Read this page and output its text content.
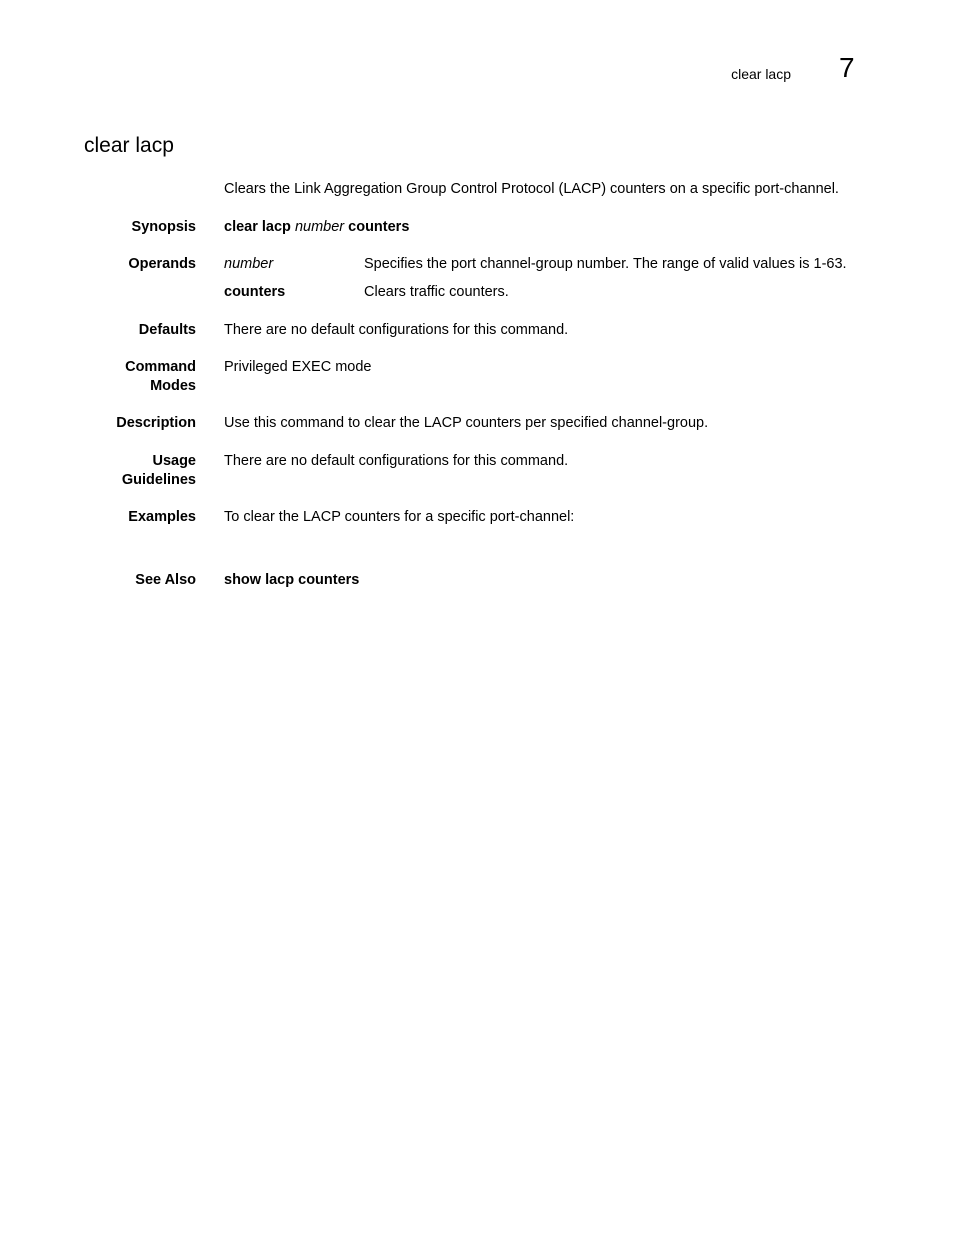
clear lacp 7
clear lacp
Clears the Link Aggregation Group Control Protocol (LACP) counters on a specific port-channel.
Synopsis clear lacp number counters
Operands number	Specifies the port channel-group number. The range of valid values is 1-63.
counters	Clears traffic counters.
Defaults There are no default configurations for this command.
Command
Modes
Privileged EXEC mode
Description Use this command to clear the LACP counters per specified channel-group.
Usage
Guidelines
There are no default configurations for this command.
Examples To clear the LACP counters for a specific port-channel:
See Also show lacp counters
